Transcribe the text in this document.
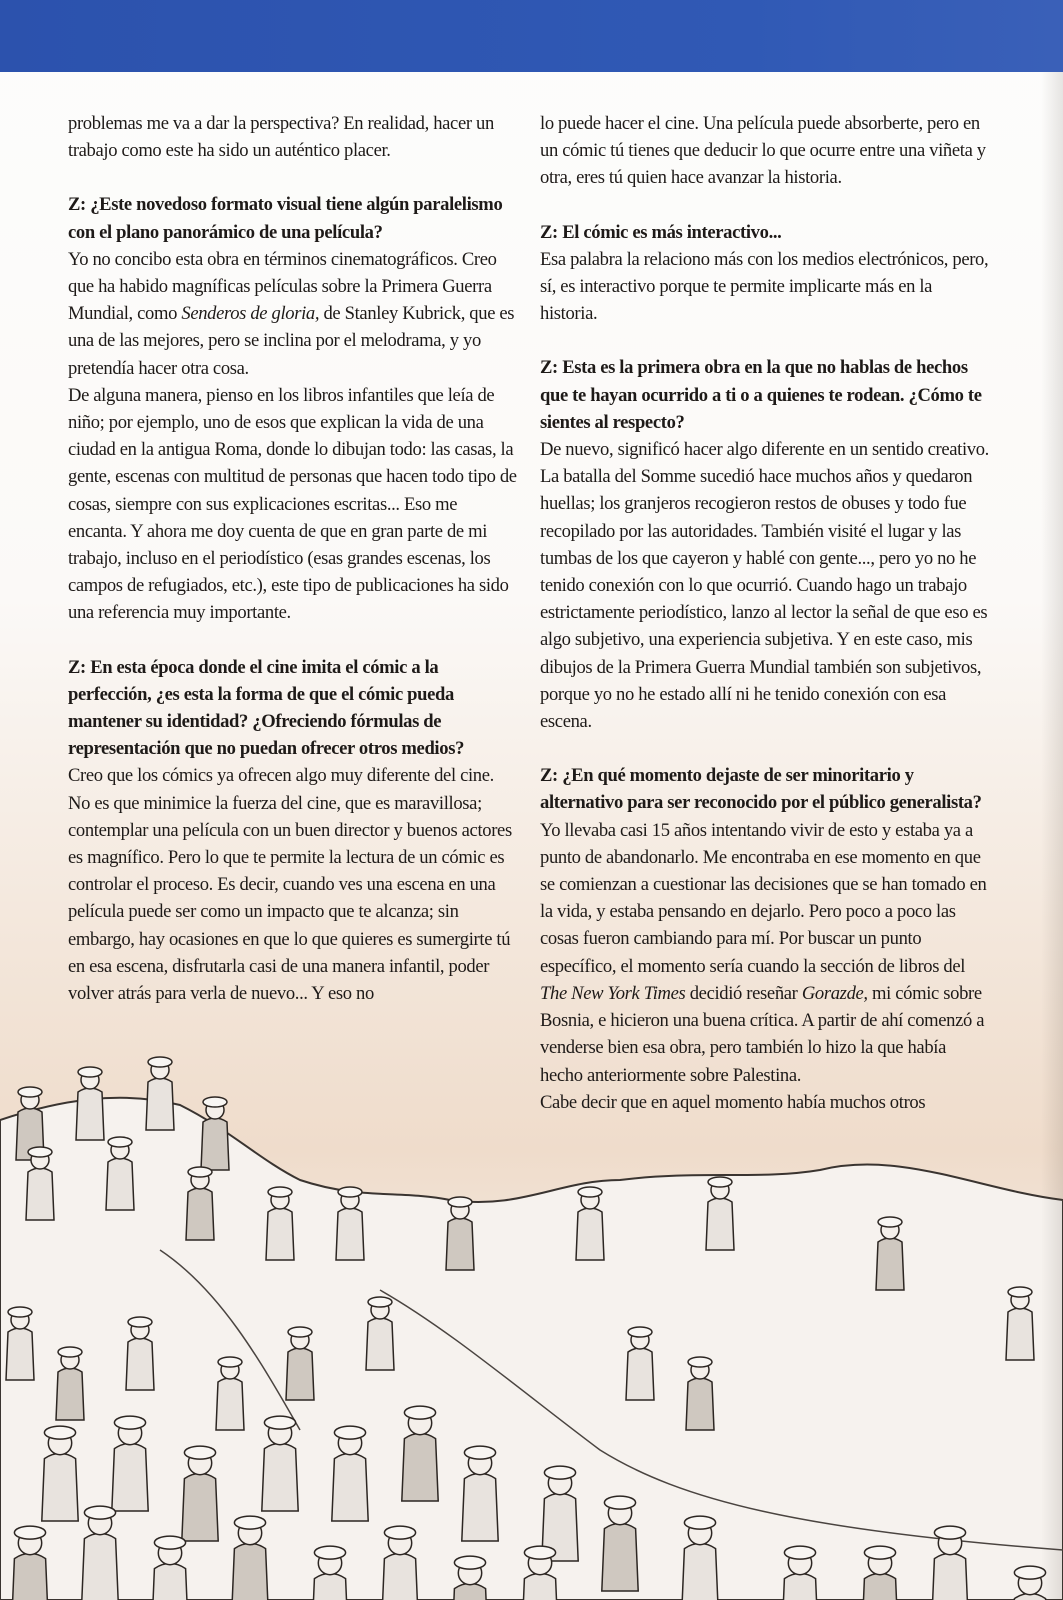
problemas me va a dar la perspectiva? En realidad, hacer un trabajo como este ha sido un auténtico placer.

Z: ¿Este novedoso formato visual tiene algún paralelismo con el plano panorámico de una película?

Yo no concibo esta obra en términos cinematográficos. Creo que ha habido magníficas películas sobre la Primera Guerra Mundial, como Senderos de gloria, de Stanley Kubrick, que es una de las mejores, pero se inclina por el melodrama, y yo pretendía hacer otra cosa.

De alguna manera, pienso en los libros infantiles que leía de niño; por ejemplo, uno de esos que explican la vida de una ciudad en la antigua Roma, donde lo dibujan todo: las casas, la gente, escenas con multitud de personas que hacen todo tipo de cosas, siempre con sus explicaciones escritas... Eso me encanta. Y ahora me doy cuenta de que en gran parte de mi trabajo, incluso en el periodístico (esas grandes escenas, los campos de refugiados, etc.), este tipo de publicaciones ha sido una referencia muy importante.

Z: En esta época donde el cine imita el cómic a la perfección, ¿es esta la forma de que el cómic pueda mantener su identidad? ¿Ofreciendo fórmulas de representación que no puedan ofrecer otros medios?

Creo que los cómics ya ofrecen algo muy diferente del cine. No es que minimice la fuerza del cine, que es maravillosa; contemplar una película con un buen director y buenos actores es magnífico. Pero lo que te permite la lectura de un cómic es controlar el proceso. Es decir, cuando ves una escena en una película puede ser como un impacto que te alcanza; sin embargo, hay ocasiones en que lo que quieres es sumergirte tú en esa escena, disfrutarla casi de una manera infantil, poder volver atrás para verla de nuevo... Y eso no

lo puede hacer el cine. Una película puede absorberte, pero en un cómic tú tienes que deducir lo que ocurre entre una viñeta y otra, eres tú quien hace avanzar la historia.

Z: El cómic es más interactivo...

Esa palabra la relaciono más con los medios electrónicos, pero, sí, es interactivo porque te permite implicarte más en la historia.

Z: Esta es la primera obra en la que no hablas de hechos que te hayan ocurrido a ti o a quienes te rodean. ¿Cómo te sientes al respecto?

De nuevo, significó hacer algo diferente en un sentido creativo. La batalla del Somme sucedió hace muchos años y quedaron huellas; los granjeros recogieron restos de obuses y todo fue recopilado por las autoridades. También visité el lugar y las tumbas de los que cayeron y hablé con gente..., pero yo no he tenido conexión con lo que ocurrió. Cuando hago un trabajo estrictamente periodístico, lanzo al lector la señal de que eso es algo subjetivo, una experiencia subjetiva. Y en este caso, mis dibujos de la Primera Guerra Mundial también son subjetivos, porque yo no he estado allí ni he tenido conexión con esa escena.

Z: ¿En qué momento dejaste de ser minoritario y alternativo para ser reconocido por el público generalista?

Yo llevaba casi 15 años intentando vivir de esto y estaba ya a punto de abandonarlo. Me encontraba en ese momento en que se comienzan a cuestionar las decisiones que se han tomado en la vida, y estaba pensando en dejarlo. Pero poco a poco las cosas fueron cambiando para mí. Por buscar un punto específico, el momento sería cuando la sección de libros del The New York Times decidió reseñar Gorazde, mi cómic sobre Bosnia, e hicieron una buena crítica. A partir de ahí comenzó a venderse bien esa obra, pero también lo hizo la que había hecho anteriormente sobre Palestina.

Cabe decir que en aquel momento había muchos otros
